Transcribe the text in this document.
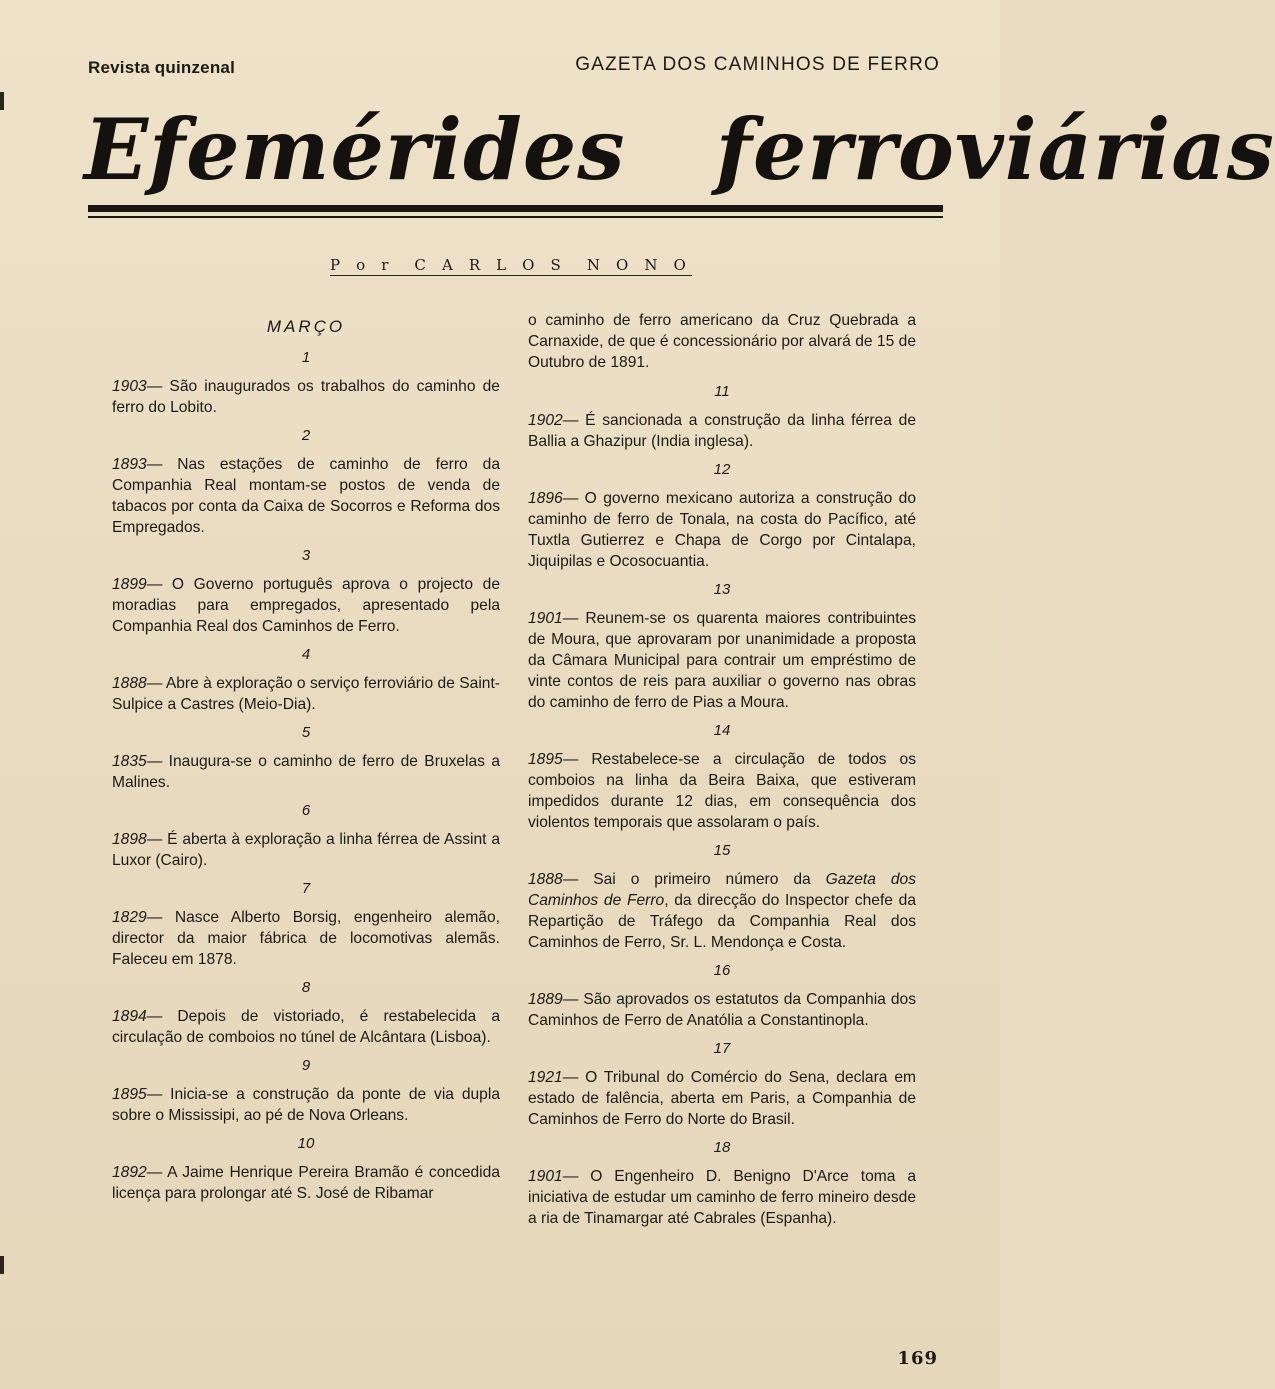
Revista quinzenal	GAZETA DOS CAMINHOS DE FERRO
Efemérides ferroviárias
P o r C A R L O S N O N O
MARÇO
1

1903— São inaugurados os trabalhos do caminho de ferro do Lobito.

2

1893— Nas estações de caminho de ferro da Companhia Real montam-se postos de venda de tabacos por conta da Caixa de Socorros e Reforma dos Empregados.

3

1899— O Governo português aprova o projecto de moradias para empregados, apresentado pela Companhia Real dos Caminhos de Ferro.

4

1888— Abre à exploração o serviço ferroviário de Saint-Sulpice a Castres (Meio-Dia).

5

1835— Inaugura-se o caminho de ferro de Bruxelas a Malines.

6

1898— É aberta à exploração a linha férrea de Assint a Luxor (Cairo).

7

1829— Nasce Alberto Borsig, engenheiro alemão, director da maior fábrica de locomotivas alemãs. Faleceu em 1878.

8

1894— Depois de vistoriado, é restabelecida a circulação de comboios no túnel de Alcântara (Lisboa).

9

1895— Inicia-se a construção da ponte de via dupla sobre o Mississipi, ao pé de Nova Orleans.

10

1892— A Jaime Henrique Pereira Bramão é concedida licença para prolongar até S. José de Ribamar

o caminho de ferro americano da Cruz Quebrada a Carnaxide, de que é concessionário por alvará de 15 de Outubro de 1891.

11

1902— É sancionada a construção da linha férrea de Ballia a Ghazipur (India inglesa).

12

1896— O governo mexicano autoriza a construção do caminho de ferro de Tonala, na costa do Pacífico, até Tuxtla Gutierrez e Chapa de Corgo por Cintalapa, Jiquipilas e Ocosocuantia.

13

1901— Reunem-se os quarenta maiores contribuintes de Moura, que aprovaram por unanimidade a proposta da Câmara Municipal para contrair um empréstimo de vinte contos de reis para auxiliar o governo nas obras do caminho de ferro de Pias a Moura.

14

1895— Restabelece-se a circulação de todos os comboios na linha da Beira Baixa, que estiveram impedidos durante 12 dias, em consequência dos violentos temporais que assolaram o país.

15

1888— Sai o primeiro número da Gazeta dos Caminhos de Ferro, da direcção do Inspector chefe da Repartição de Tráfego da Companhia Real dos Caminhos de Ferro, Sr. L. Mendonça e Costa.

16

1889— São aprovados os estatutos da Companhia dos Caminhos de Ferro de Anatólia a Constantinopla.

17

1921— O Tribunal do Comércio do Sena, declara em estado de falência, aberta em Paris, a Companhia de Caminhos de Ferro do Norte do Brasil.

18

1901— O Engenheiro D. Benigno D'Arce toma a iniciativa de estudar um caminho de ferro mineiro desde a ria de Tinamargar até Cabrales (Espanha).

169
